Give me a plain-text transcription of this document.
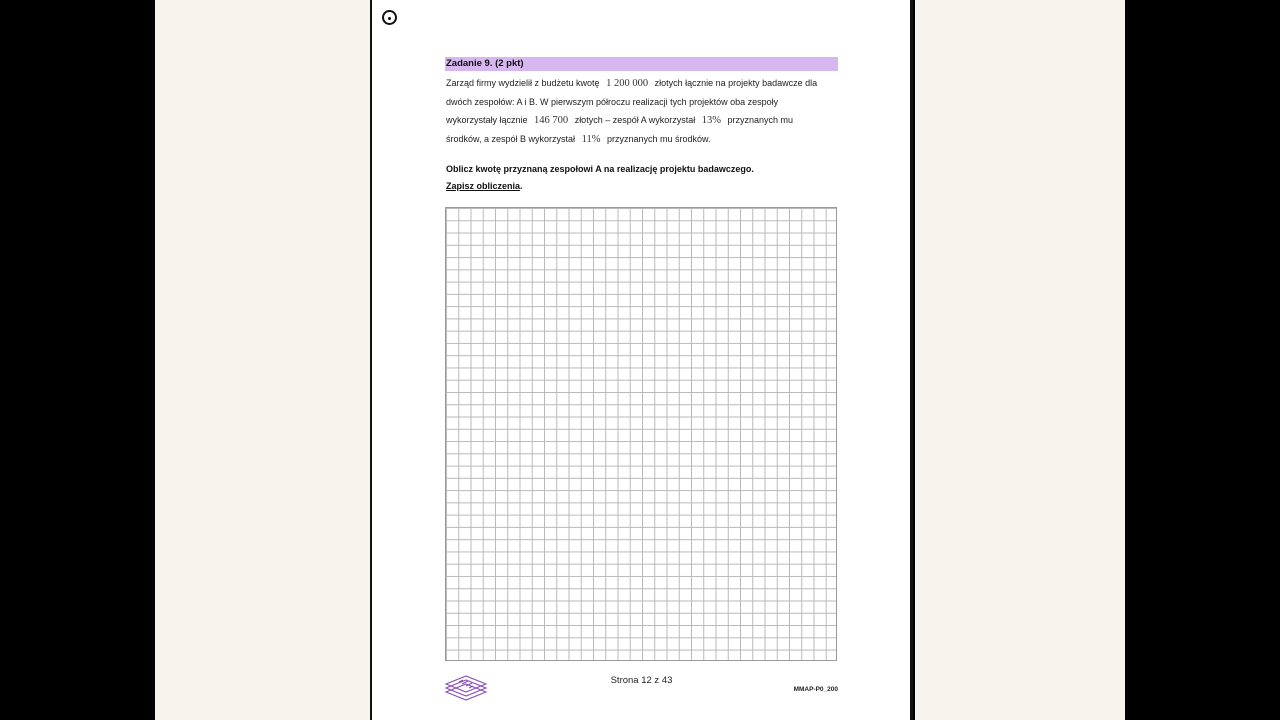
Zadanie 9. (2 pkt)
Zarząd firmy wydzielił z budżetu kwotę 1 200 000 złotych łącznie na projekty badawcze dla
dwóch zespołów: A i B. W pierwszym półroczu realizacji tych projektów oba zespoły
wykorzystały łącznie 146 700 złotych – zespół A wykorzystał 13% przyznanych mu
środków, a zespół B wykorzystał 11% przyznanych mu środków.
Oblicz kwotę przyznaną zespołowi A na realizację projektu badawczego.
Zapisz obliczenia.
Strona 12 z 43
MMAP-P0_200
